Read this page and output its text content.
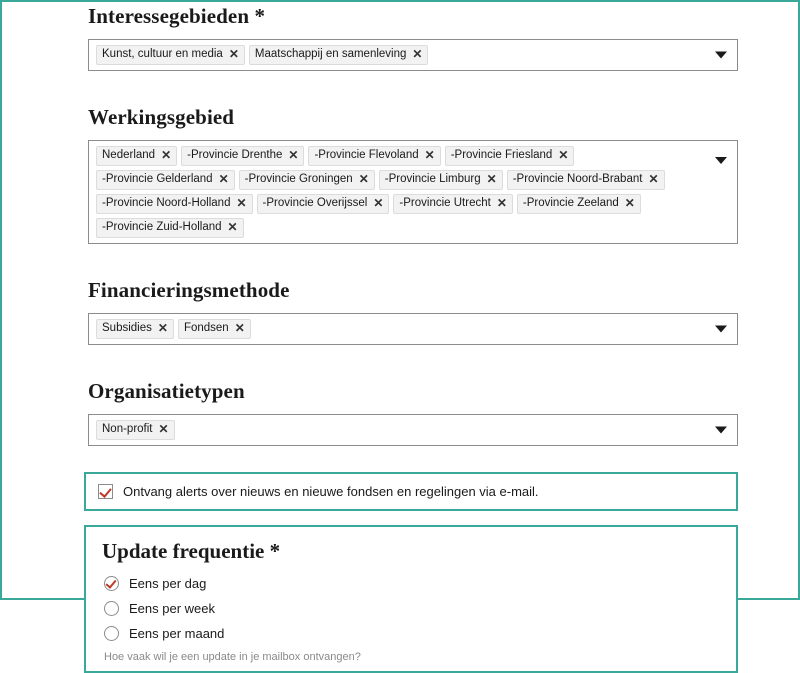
Interessegebieden *
Kunst, cultuur en media ✕ Maatschappij en samenleving ✕
Werkingsgebied
Nederland ✕ -Provincie Drenthe ✕ -Provincie Flevoland ✕ -Provincie Friesland ✕
-Provincie Gelderland ✕ -Provincie Groningen ✕ -Provincie Limburg ✕ -Provincie Noord-Brabant ✕
-Provincie Noord-Holland ✕ -Provincie Overijssel ✕ -Provincie Utrecht ✕ -Provincie Zeeland ✕
-Provincie Zuid-Holland ✕
Financieringsmethode
Subsidies ✕ Fondsen ✕
Organisatietypen
Non-profit ✕
Ontvang alerts over nieuws en nieuwe fondsen en regelingen via e-mail.
Update frequentie *
Eens per dag
Eens per week
Eens per maand
Hoe vaak wil je een update in je mailbox ontvangen?
